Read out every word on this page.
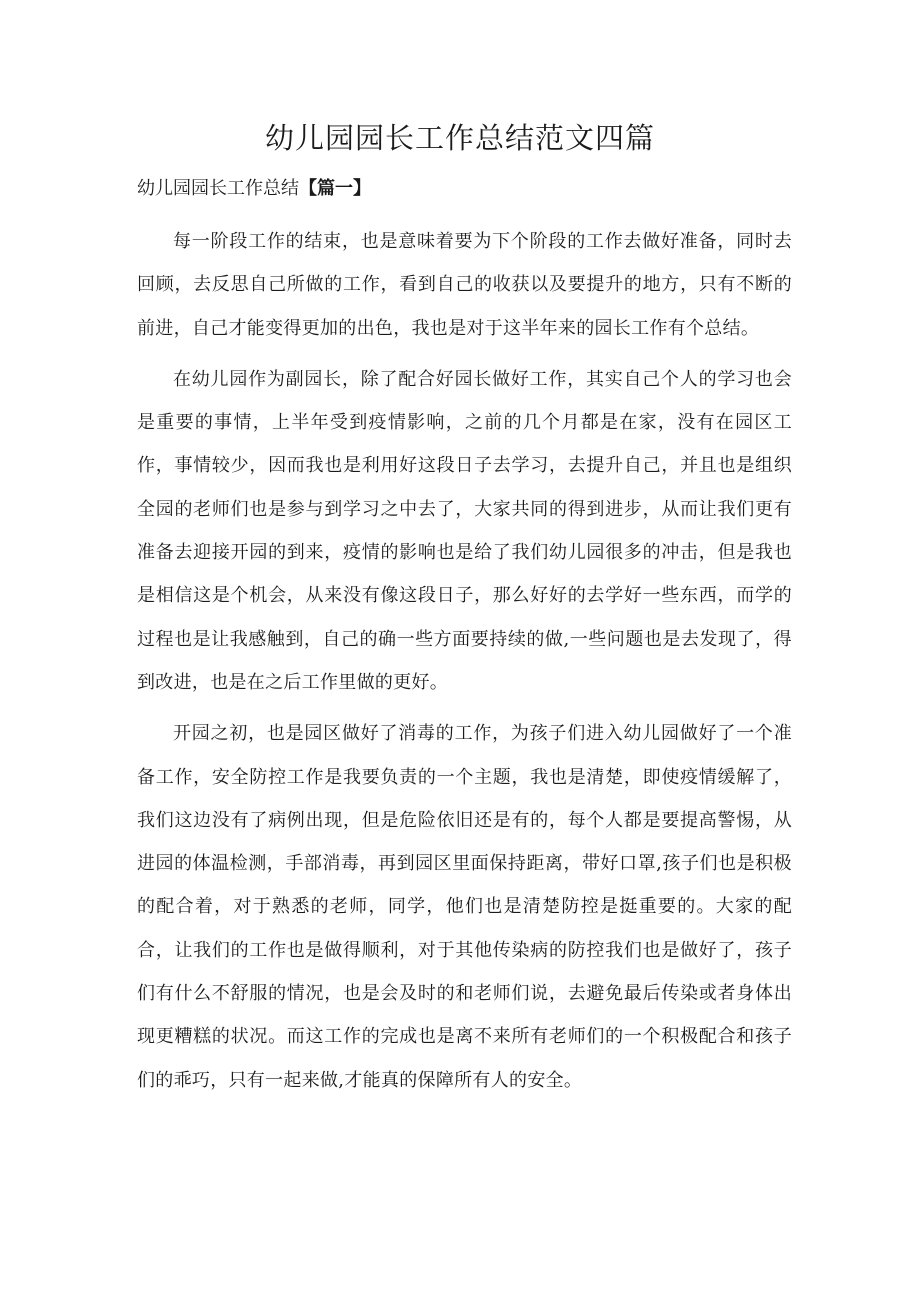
幼儿园园长工作总结范文四篇
幼儿园园长工作总结【篇一】

每一阶段工作的结束，也是意味着要为下个阶段的工作去做好准备，同时去回顾，去反思自己所做的工作，看到自己的收获以及要提升的地方，只有不断的前进，自己才能变得更加的出色，我也是对于这半年来的园长工作有个总结。

在幼儿园作为副园长，除了配合好园长做好工作，其实自己个人的学习也会是重要的事情，上半年受到疫情影响，之前的几个月都是在家，没有在园区工作，事情较少，因而我也是利用好这段日子去学习，去提升自己，并且也是组织全园的老师们也是参与到学习之中去了，大家共同的得到进步，从而让我们更有准备去迎接开园的到来，疫情的影响也是给了我们幼儿园很多的冲击，但是我也是相信这是个机会，从来没有像这段日子，那么好好的去学好一些东西，而学的过程也是让我感触到，自己的确一些方面要持续的做,一些问题也是去发现了，得到改进，也是在之后工作里做的更好。

开园之初，也是园区做好了消毒的工作，为孩子们进入幼儿园做好了一个准备工作，安全防控工作是我要负责的一个主题，我也是清楚，即使疫情缓解了，我们这边没有了病例出现，但是危险依旧还是有的，每个人都是要提高警惕，从进园的体温检测，手部消毒，再到园区里面保持距离，带好口罩,孩子们也是积极的配合着，对于熟悉的老师，同学，他们也是清楚防控是挺重要的。大家的配合，让我们的工作也是做得顺利，对于其他传染病的防控我们也是做好了，孩子们有什么不舒服的情况，也是会及时的和老师们说，去避免最后传染或者身体出现更糟糕的状况。而这工作的完成也是离不来所有老师们的一个积极配合和孩子们的乖巧，只有一起来做,才能真的保障所有人的安全。
